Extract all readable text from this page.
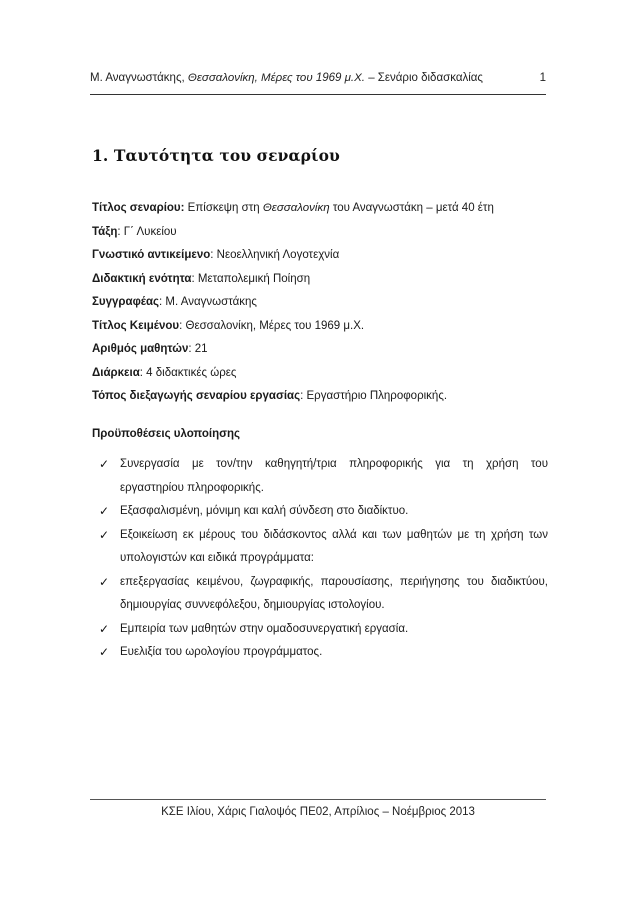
Μ. Αναγνωστάκης, Θεσσαλονίκη, Μέρες του 1969 μ.Χ. – Σενάριο διδασκαλίας	1
1. Ταυτότητα του σεναρίου
Τίτλος σεναρίου: Επίσκεψη στη Θεσσαλονίκη του Αναγνωστάκη – μετά 40 έτη
Τάξη: Γ΄ Λυκείου
Γνωστικό αντικείμενο: Νεοελληνική Λογοτεχνία
Διδακτική ενότητα: Μεταπολεμική Ποίηση
Συγγραφέας: Μ. Αναγνωστάκης
Τίτλος Κειμένου: Θεσσαλονίκη, Μέρες του 1969 μ.Χ.
Αριθμός μαθητών: 21
Διάρκεια: 4 διδακτικές ώρες
Τόπος διεξαγωγής σεναρίου εργασίας: Εργαστήριο Πληροφορικής.
Προϋποθέσεις υλοποίησης
✓ Συνεργασία με τον/την καθηγητή/τρια πληροφορικής για τη χρήση του
εργαστηρίου πληροφορικής.
✓ Εξασφαλισμένη, μόνιμη και καλή σύνδεση στο διαδίκτυο.
✓ Εξοικείωση εκ μέρους του διδάσκοντος αλλά και των μαθητών με τη χρήση των
υπολογιστών και ειδικά προγράμματα:
✓ επεξεργασίας κειμένου, ζωγραφικής, παρουσίασης, περιήγησης του διαδικτύου,
δημιουργίας συννεφόλεξου, δημιουργίας ιστολογίου.
✓ Εμπειρία των μαθητών στην ομαδοσυνεργατική εργασία.
✓ Ευελιξία του ωρολογίου προγράμματος.
ΚΣΕ Ιλίου, Χάρις Γιαλοψός ΠΕ02, Απρίλιος – Νοέμβριος 2013
